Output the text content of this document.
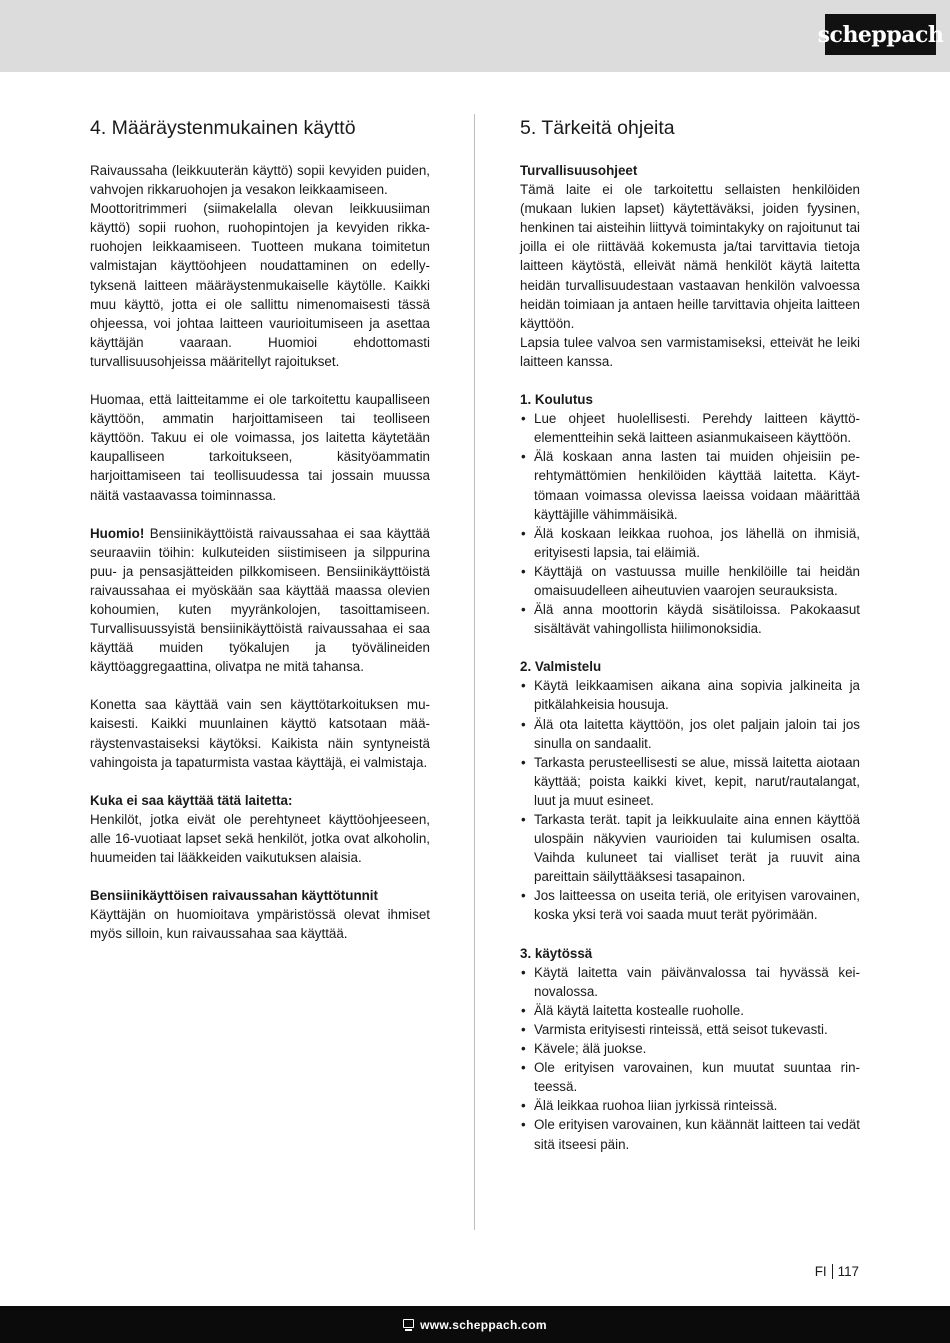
scheppach
4. Määräystenmukainen käyttö

Raivaussaha (leikkuuterän käyttö) sopii kevyiden puiden, vahvojen rikkaruohojen ja vesakon leikkaamiseen.

Moottoritrimmeri (siimakelalla olevan leikkuusiiman käyttö) sopii ruohon, ruohopintojen ja kevyiden rikkaruohojen leikkaamiseen. Tuotteen mukana toimitetun valmistajan käyttöohjeen noudattaminen on edellytyksenä laitteen määräystenmukaiselle käytölle. Kaikki muu käyttö, jotta ei ole sallittu nimenomaisesti tässä ohjeessa, voi johtaa laitteen vaurioitumiseen ja asettaa käyttäjän vaaraan. Huomioi ehdottomasti turvallisuusohjeissa määritellyt rajoitukset.

Huomaa, että laitteitamme ei ole tarkoitettu kaupalliseen käyttöön, ammatin harjoittamiseen tai teolliseen käyttöön. Takuu ei ole voimassa, jos laitetta käytetään kaupalliseen tarkoitukseen, käsityöammatin harjoittamiseen tai teollisuudessa tai jossain muussa näitä vastaavassa toiminnassa.

Huomio! Bensiinikäyttöistä raivaussahaa ei saa käyttää seuraaviin töihin: kulkuteiden siistimiseen ja silppurina puu- ja pensasjätteiden pilkkomiseen. Bensiinikäyttöistä raivaussahaa ei myöskään saa käyttää maassa olevien kohoumien, kuten myyränkolojen, tasoittamiseen. Turvallisuussyistä bensiinikäyttöistä raivaussahaa ei saa käyttää muiden työkalujen ja työvälineiden käyttöaggregaattina, olivatpa ne mitä tahansa.

Konetta saa käyttää vain sen käyttötarkoituksen mukaisesti. Kaikki muunlainen käyttö katsotaan määräystenvastaiseksi käytöksi. Kaikista näin syntyneistä vahingoista ja tapaturmista vastaa käyttäjä, ei valmistaja.

Kuka ei saa käyttää tätä laitetta:

Henkilöt, jotka eivät ole perehtyneet käyttöohjeeseen, alle 16-vuotiaat lapset sekä henkilöt, jotka ovat alkoholin, huumeiden tai lääkkeiden vaikutuksen alaisia.

Bensiinikäyttöisen raivaussahan käyttötunnit

Käyttäjän on huomioitava ympäristössä olevat ihmiset myös silloin, kun raivaussahaa saa käyttää.

5. Tärkeitä ohjeita

Turvallisuusohjeet

Tämä laite ei ole tarkoitettu sellaisten henkilöiden (mukaan lukien lapset) käytettäväksi, joiden fyysinen, henkinen tai aisteihin liittyvä toimintakyky on rajoitunut tai joilla ei ole riittävää kokemusta ja/tai tarvittavia tietoja laitteen käytöstä, elleivät nämä henkilöt käytä laitetta heidän turvallisuudestaan vastaavan henkilön valvoessa heidän toimiaan ja antaen heille tarvittavia ohjeita laitteen käyttöön.

Lapsia tulee valvoa sen varmistamiseksi, etteivät he leiki laitteen kanssa.

1. Koulutus

• Lue ohjeet huolellisesti. Perehdy laitteen käyttöelementteihin sekä laitteen asianmukaiseen käyttöön.
• Älä koskaan anna lasten tai muiden ohjeisiin perehtymättömien henkilöiden käyttää laitetta. Käyttömaan voimassa olevissa laeissa voidaan määrittää käyttäjille vähimmäisikä.
• Älä koskaan leikkaa ruohoa, jos lähellä on ihmisiä, erityisesti lapsia, tai eläimiä.
• Käyttäjä on vastuussa muille henkilöille tai heidän omaisuudelleen aiheutuvien vaarojen seurauksista.
• Älä anna moottorin käydä sisätiloissa. Pakokaasut sisältävät vahingollista hiilimonoksidia.

2. Valmistelu

• Käytä leikkaamisen aikana aina sopivia jalkineita ja pitkälahkeisia housuja.
• Älä ota laitetta käyttöön, jos olet paljain jaloin tai jos sinulla on sandaalit.
• Tarkasta perusteellisesti se alue, missä laitetta aiotaan käyttää; poista kaikki kivet, kepit, narut/rautalangat, luut ja muut esineet.
• Tarkasta terät. tapit ja leikkuulaite aina ennen käyttöä ulospäin näkyvien vaurioiden tai kulumisen osalta. Vaihda kuluneet tai vialliset terät ja ruuvit aina pareittain säilyttääksesi tasapainon.
• Jos laitteessa on useita teriä, ole erityisen varovainen, koska yksi terä voi saada muut terät pyörimään.

3. käytössä

• Käytä laitetta vain päivänvalossa tai hyvässä keinovalossa.
• Älä käytä laitetta kostealle ruoholle.
• Varmista erityisesti rinteissä, että seisot tukevasti.
• Kävele; älä juokse.
• Ole erityisen varovainen, kun muutat suuntaa rinteessä.
• Älä leikkaa ruohoa liian jyrkissä rinteissä.
• Ole erityisen varovainen, kun käännät laitteen tai vedät sitä itseesi päin.
FI 117
www.scheppach.com
